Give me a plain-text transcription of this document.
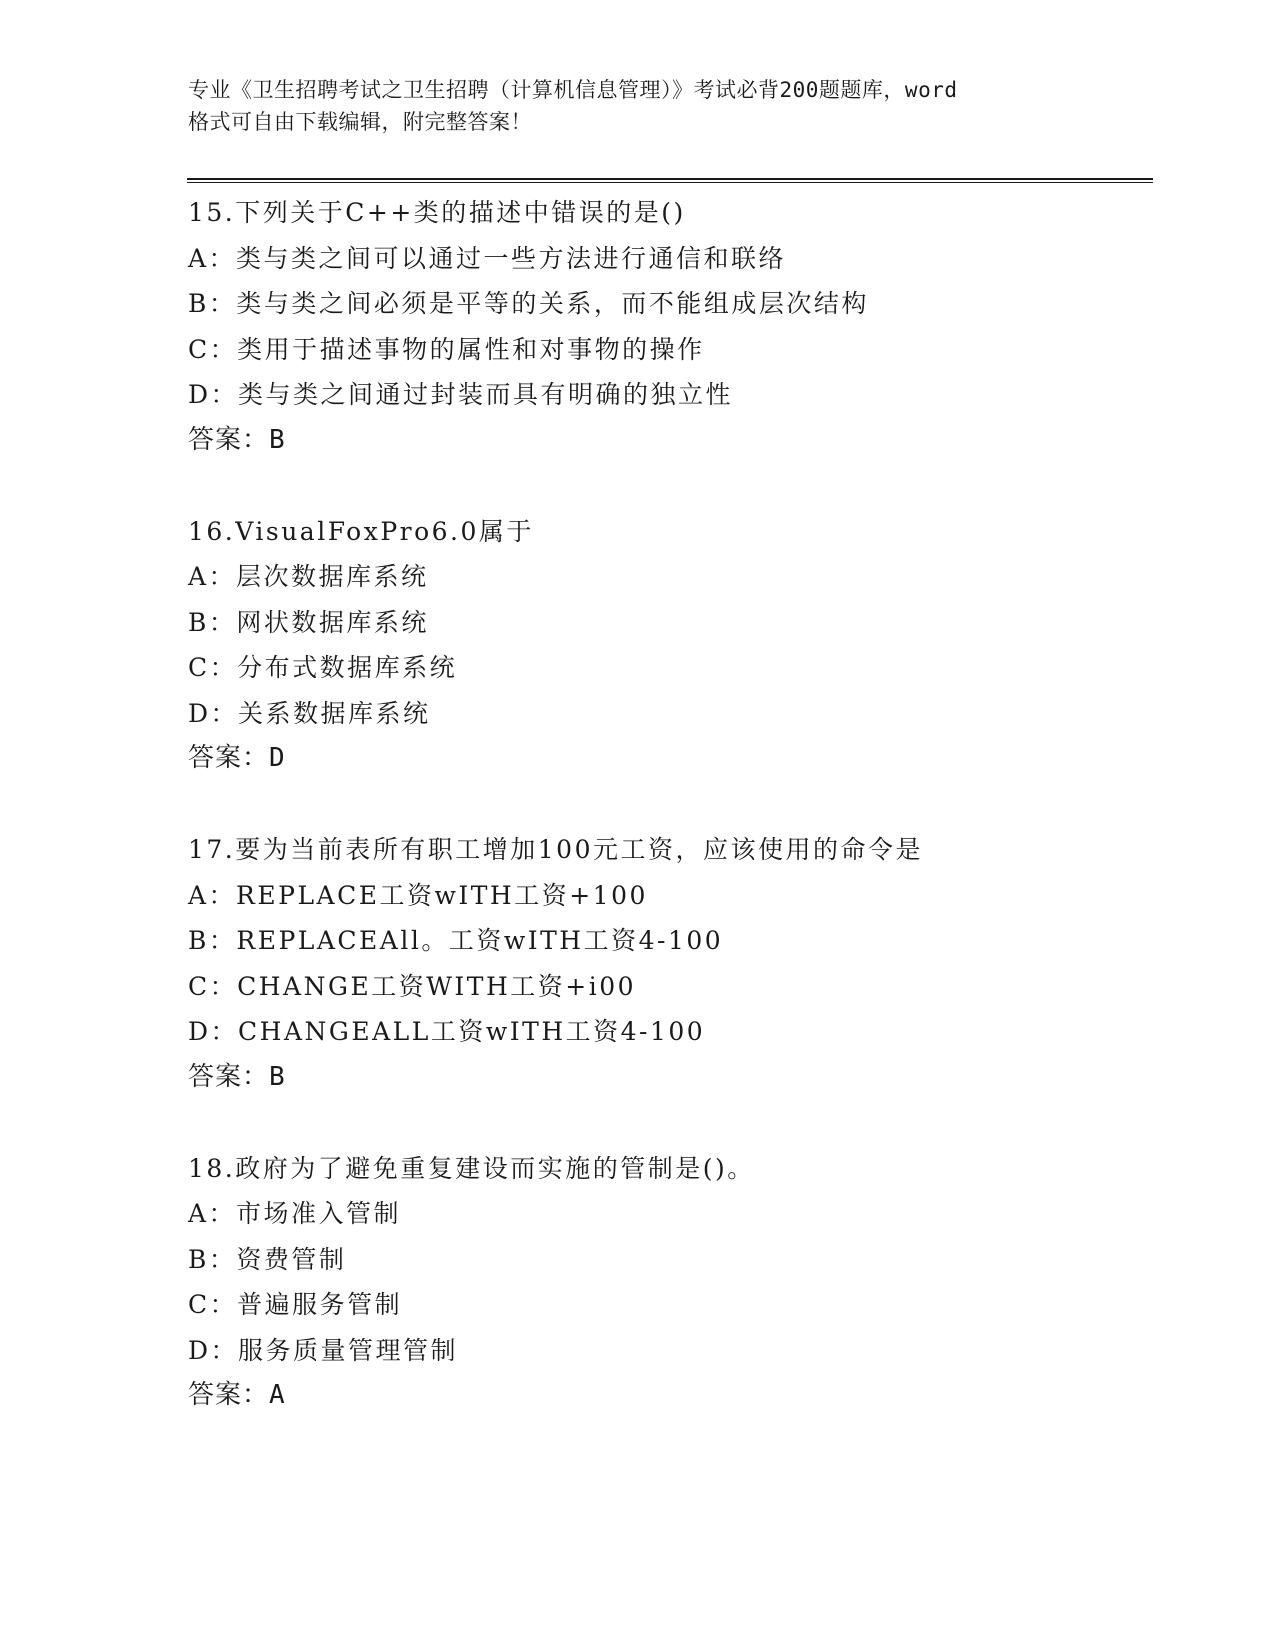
专业《卫生招聘考试之卫生招聘（计算机信息管理）》考试必背200题题库，word
格式可自由下载编辑，附完整答案！
15.下列关于C++类的描述中错误的是()
A：类与类之间可以通过一些方法进行通信和联络
B：类与类之间必须是平等的关系，而不能组成层次结构
C：类用于描述事物的属性和对事物的操作
D：类与类之间通过封装而具有明确的独立性
答案：B
16.VisualFoxPro6.0属于
A：层次数据库系统
B：网状数据库系统
C：分布式数据库系统
D：关系数据库系统
答案：D
17.要为当前表所有职工增加100元工资，应该使用的命令是
A：REPLACE工资wITH工资+100
B：REPLACEAll。工资wITH工资4-100
C：CHANGE工资WITH工资+i00
D：CHANGEALL工资wITH工资4-100
答案：B
18.政府为了避免重复建设而实施的管制是()。
A：市场准入管制
B：资费管制
C：普遍服务管制
D：服务质量管理管制
答案：A
